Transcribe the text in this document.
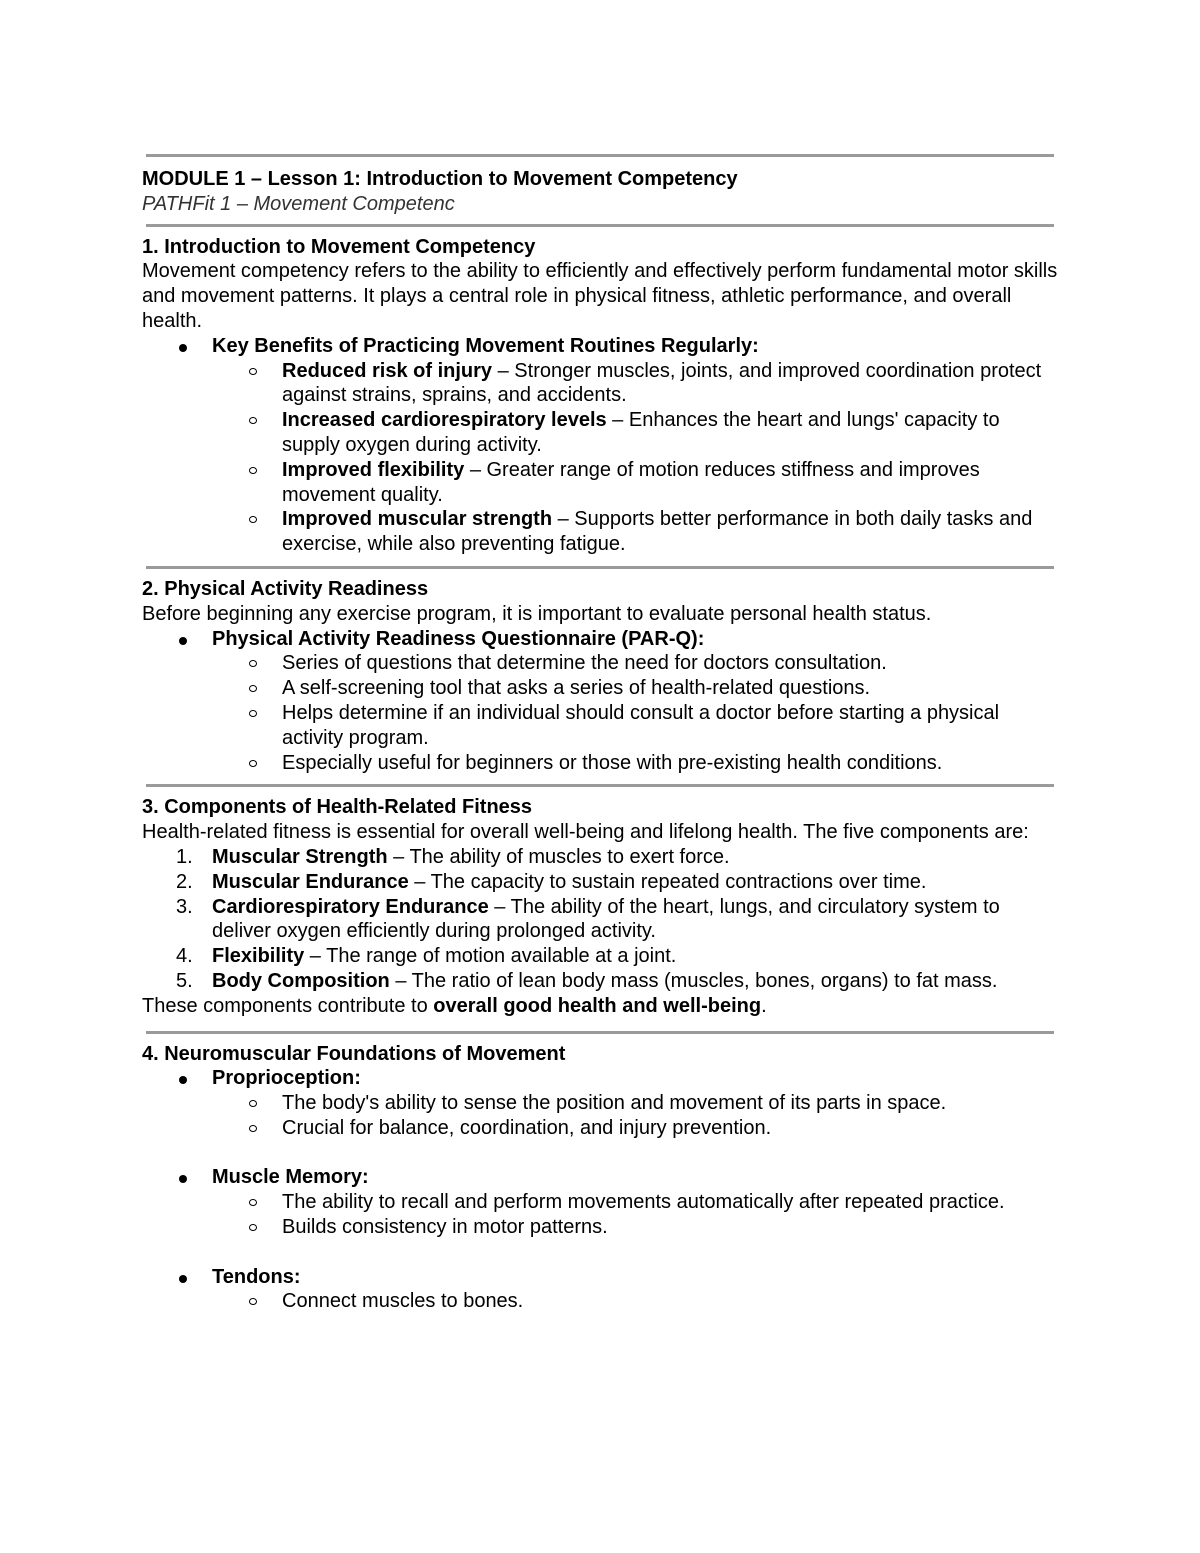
MODULE 1 – Lesson 1: Introduction to Movement Competency
PATHFit 1 – Movement Competenc
1. Introduction to Movement Competency

Movement competency refers to the ability to efficiently and effectively perform fundamental motor skills and movement patterns. It plays a central role in physical fitness, athletic performance, and overall health.

Key Benefits of Practicing Movement Routines Regularly:
Reduced risk of injury – Stronger muscles, joints, and improved coordination protect against strains, sprains, and accidents.
Increased cardiorespiratory levels – Enhances the heart and lungs' capacity to supply oxygen during activity.
Improved flexibility – Greater range of motion reduces stiffness and improves movement quality.
Improved muscular strength – Supports better performance in both daily tasks and exercise, while also preventing fatigue.
2. Physical Activity Readiness

Before beginning any exercise program, it is important to evaluate personal health status.

Physical Activity Readiness Questionnaire (PAR-Q):
Series of questions that determine the need for doctors consultation.
A self-screening tool that asks a series of health-related questions.
Helps determine if an individual should consult a doctor before starting a physical activity program.
Especially useful for beginners or those with pre-existing health conditions.
3. Components of Health-Related Fitness

Health-related fitness is essential for overall well-being and lifelong health. The five components are:

1. Muscular Strength – The ability of muscles to exert force.
2. Muscular Endurance – The capacity to sustain repeated contractions over time.
3. Cardiorespiratory Endurance – The ability of the heart, lungs, and circulatory system to deliver oxygen efficiently during prolonged activity.
4. Flexibility – The range of motion available at a joint.
5. Body Composition – The ratio of lean body mass (muscles, bones, organs) to fat mass.

These components contribute to overall good health and well-being.

4. Neuromuscular Foundations of Movement
Proprioception:
The body's ability to sense the position and movement of its parts in space.
Crucial for balance, coordination, and injury prevention.
Muscle Memory:
The ability to recall and perform movements automatically after repeated practice.
Builds consistency in motor patterns.
Tendons:
Connect muscles to bones.
